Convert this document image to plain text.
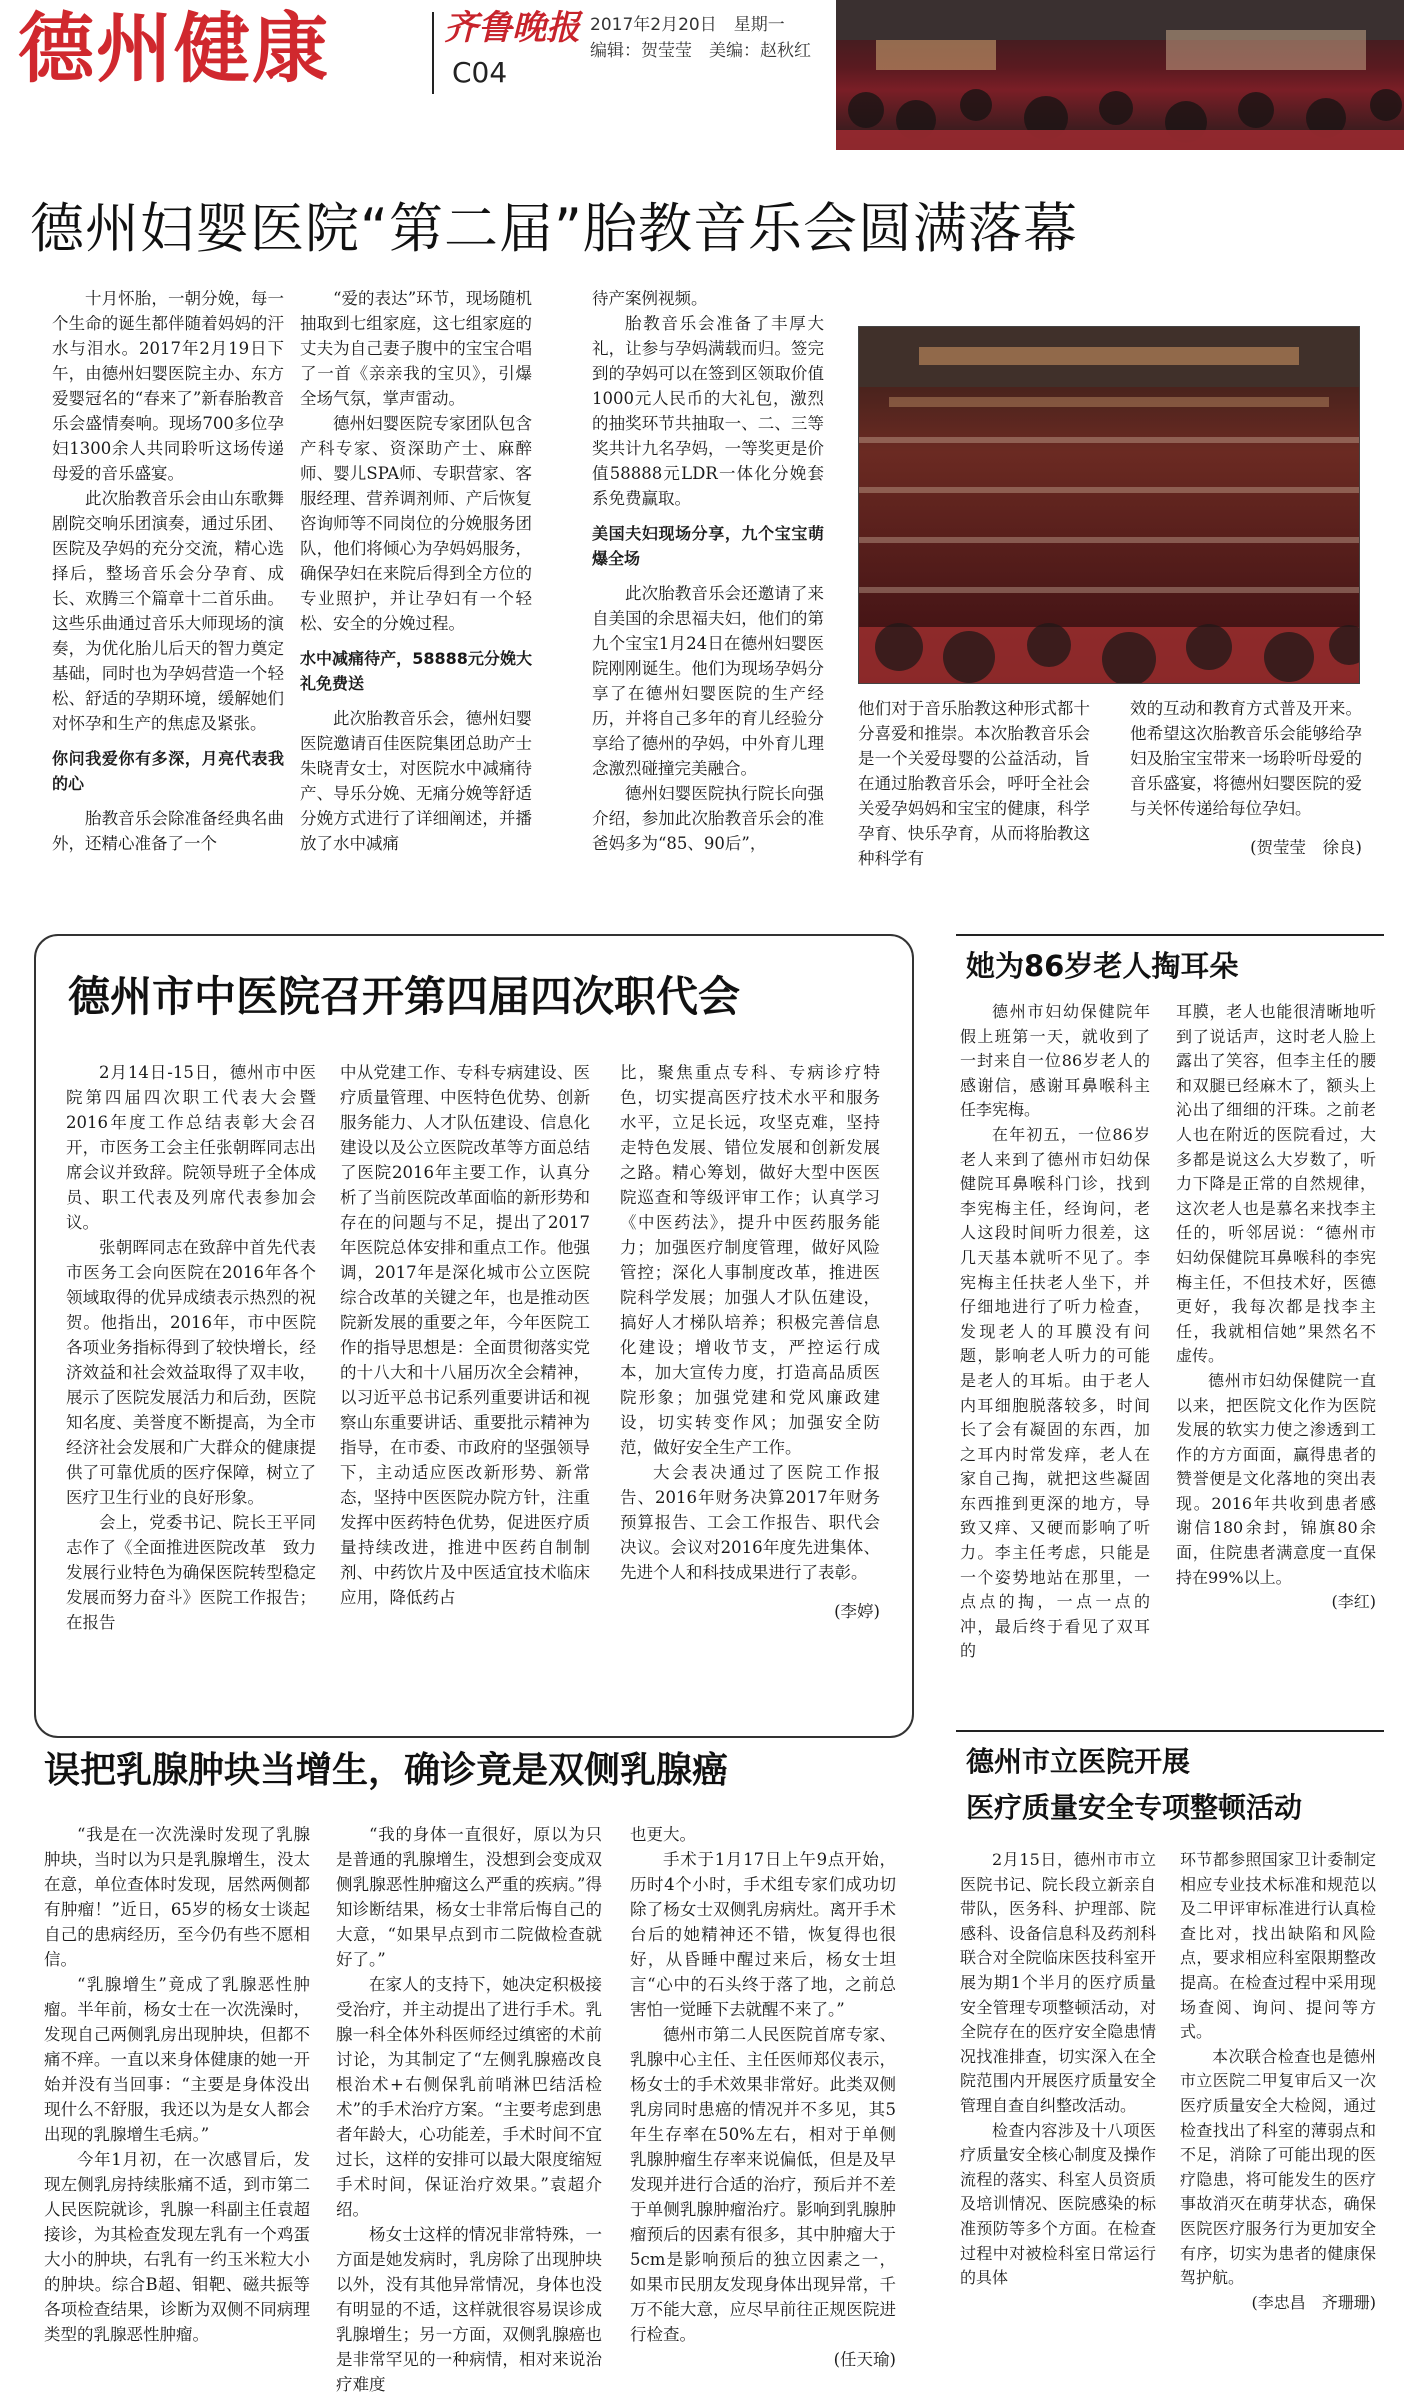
德州健康	齐鲁晚报
C04
2017年2月20日　星期一
编辑：贺莹莹　美编：赵秋红
德州妇婴医院“第二届”胎教音乐会圆满落幕

十月怀胎，一朝分娩，每一个生命的诞生都伴随着妈妈的汗水与泪水。2017年2月19日下午，由德州妇婴医院主办、东方爱婴冠名的“春来了”新春胎教音乐会盛情奏响。现场700多位孕妇1300余人共同聆听这场传递母爱的音乐盛宴。

此次胎教音乐会由山东歌舞剧院交响乐团演奏，通过乐团、医院及孕妈的充分交流，精心选择后，整场音乐会分孕育、成长、欢腾三个篇章十二首乐曲。这些乐曲通过音乐大师现场的演奏，为优化胎儿后天的智力奠定基础，同时也为孕妈营造一个轻松、舒适的孕期环境，缓解她们对怀孕和生产的焦虑及紧张。

你问我爱你有多深，月亮代表我的心

胎教音乐会除准备经典名曲外，还精心准备了一个

“爱的表达”环节，现场随机抽取到七组家庭，这七组家庭的丈夫为自己妻子腹中的宝宝合唱了一首《亲亲我的宝贝》，引爆全场气氛，掌声雷动。

德州妇婴医院专家团队包含产科专家、资深助产士、麻醉师、婴儿SPA师、专职营家、客服经理、营养调剂师、产后恢复咨询师等不同岗位的分娩服务团队，他们将倾心为孕妈妈服务，确保孕妇在来院后得到全方位的专业照护，并让孕妇有一个轻松、安全的分娩过程。

水中减痛待产，58888元分娩大礼免费送

此次胎教音乐会，德州妇婴医院邀请百佳医院集团总助产士朱晓青女士，对医院水中减痛待产、导乐分娩、无痛分娩等舒适分娩方式进行了详细阐述，并播放了水中减痛

待产案例视频。

胎教音乐会准备了丰厚大礼，让参与孕妈满载而归。签完到的孕妈可以在签到区领取价值1000元人民币的大礼包，激烈的抽奖环节共抽取一、二、三等奖共计九名孕妈，一等奖更是价值58888元LDR一体化分娩套系免费赢取。

美国夫妇现场分享，九个宝宝萌爆全场

此次胎教音乐会还邀请了来自美国的余思福夫妇，他们的第九个宝宝1月24日在德州妇婴医院刚刚诞生。他们为现场孕妈分享了在德州妇婴医院的生产经历，并将自己多年的育儿经验分享给了德州的孕妈，中外育儿理念激烈碰撞完美融合。

德州妇婴医院执行院长向强介绍，参加此次胎教音乐会的准爸妈多为“85、90后”，

他们对于音乐胎教这种形式都十分喜爱和推崇。本次胎教音乐会是一个关爱母婴的公益活动，旨在通过胎教音乐会，呼吁全社会关爱孕妈妈和宝宝的健康，科学孕育、快乐孕育，从而将胎教这种科学有

效的互动和教育方式普及开来。他希望这次胎教音乐会能够给孕妇及胎宝宝带来一场聆听母爱的音乐盛宴，将德州妇婴医院的爱与关怀传递给每位孕妇。

(贺莹莹　徐良)

德州市中医院召开第四届四次职代会

2月14日-15日，德州市中医院第四届四次职工代表大会暨2016年度工作总结表彰大会召开，市医务工会主任张朝晖同志出席会议并致辞。院领导班子全体成员、职工代表及列席代表参加会议。

张朝晖同志在致辞中首先代表市医务工会向医院在2016年各个领域取得的优异成绩表示热烈的祝贺。他指出，2016年，市中医院各项业务指标得到了较快增长，经济效益和社会效益取得了双丰收，展示了医院发展活力和后劲，医院知名度、美誉度不断提高，为全市经济社会发展和广大群众的健康提供了可靠优质的医疗保障，树立了医疗卫生行业的良好形象。

会上，党委书记、院长王平同志作了《全面推进医院改革　致力发展行业特色为确保医院转型稳定发展而努力奋斗》医院工作报告；在报告

中从党建工作、专科专病建设、医疗质量管理、中医特色优势、创新服务能力、人才队伍建设、信息化建设以及公立医院改革等方面总结了医院2016年主要工作，认真分析了当前医院改革面临的新形势和存在的问题与不足，提出了2017年医院总体安排和重点工作。他强调，2017年是深化城市公立医院综合改革的关键之年，也是推动医院新发展的重要之年，今年医院工作的指导思想是：全面贯彻落实党的十八大和十八届历次全会精神，以习近平总书记系列重要讲话和视察山东重要讲话、重要批示精神为指导，在市委、市政府的坚强领导下，主动适应医改新形势、新常态，坚持中医医院办院方针，注重发挥中医药特色优势，促进医疗质量持续改进，推进中医药自制制剂、中药饮片及中医适宜技术临床应用，降低药占

比，聚焦重点专科、专病诊疗特色，切实提高医疗技术水平和服务水平，立足长远，攻坚克难，坚持走特色发展、错位发展和创新发展之路。精心筹划，做好大型中医医院巡查和等级评审工作；认真学习《中医药法》，提升中医药服务能力；加强医疗制度管理，做好风险管控；深化人事制度改革，推进医院科学发展；加强人才队伍建设，搞好人才梯队培养；积极完善信息化建设；增收节支，严控运行成本，加大宣传力度，打造高品质医院形象；加强党建和党风廉政建设，切实转变作风；加强安全防范，做好安全生产工作。

大会表决通过了医院工作报告、2016年财务决算2017年财务预算报告、工会工作报告、职代会决议。会议对2016年度先进集体、先进个人和科技成果进行了表彰。

(李婷)

她为86岁老人掏耳朵

德州市妇幼保健院年假上班第一天，就收到了一封来自一位86岁老人的感谢信，感谢耳鼻喉科主任李宪梅。

在年初五，一位86岁老人来到了德州市妇幼保健院耳鼻喉科门诊，找到李宪梅主任，经询问，老人这段时间听力很差，这几天基本就听不见了。李宪梅主任扶老人坐下，并仔细地进行了听力检查，发现老人的耳膜没有问题，影响老人听力的可能是老人的耳垢。由于老人内耳细胞脱落较多，时间长了会有凝固的东西，加之耳内时常发痒，老人在家自己掏，就把这些凝固东西推到更深的地方，导致又痒、又硬而影响了听力。李主任考虑，只能是一个姿势地站在那里，一点点的掏，一点一点的冲，最后终于看见了双耳的

耳膜，老人也能很清晰地听到了说话声，这时老人脸上露出了笑容，但李主任的腰和双腿已经麻木了，额头上沁出了细细的汗珠。之前老人也在附近的医院看过，大多都是说这么大岁数了，听力下降是正常的自然规律，这次老人也是慕名来找李主任的，听邻居说：“德州市妇幼保健院耳鼻喉科的李宪梅主任，不但技术好，医德更好，我每次都是找李主任，我就相信她”果然名不虚传。

德州市妇幼保健院一直以来，把医院文化作为医院发展的软实力使之渗透到工作的方方面面，赢得患者的赞誉便是文化落地的突出表现。2016年共收到患者感谢信180余封，锦旗80余面，住院患者满意度一直保持在99%以上。

(李红)

误把乳腺肿块当增生，确诊竟是双侧乳腺癌

“我是在一次洗澡时发现了乳腺肿块，当时以为只是乳腺增生，没太在意，单位查体时发现，居然两侧都有肿瘤！”近日，65岁的杨女士谈起自己的患病经历，至今仍有些不愿相信。

“乳腺增生”竟成了乳腺恶性肿瘤。半年前，杨女士在一次洗澡时，发现自己两侧乳房出现肿块，但都不痛不痒。一直以来身体健康的她一开始并没有当回事：“主要是身体没出现什么不舒服，我还以为是女人都会出现的乳腺增生毛病。”

今年1月初，在一次感冒后，发现左侧乳房持续胀痛不适，到市第二人民医院就诊，乳腺一科副主任袁超接诊，为其检查发现左乳有一个鸡蛋大小的肿块，右乳有一约玉米粒大小的肿块。综合B超、钼靶、磁共振等各项检查结果，诊断为双侧不同病理类型的乳腺恶性肿瘤。

“我的身体一直很好，原以为只是普通的乳腺增生，没想到会变成双侧乳腺恶性肿瘤这么严重的疾病。”得知诊断结果，杨女士非常后悔自己的大意，“如果早点到市二院做检查就好了。”

在家人的支持下，她决定积极接受治疗，并主动提出了进行手术。乳腺一科全体外科医师经过缜密的术前讨论，为其制定了“左侧乳腺癌改良根治术+右侧保乳前哨淋巴结活检术”的手术治疗方案。“主要考虑到患者年龄大，心功能差，手术时间不宜过长，这样的安排可以最大限度缩短手术时间，保证治疗效果。”袁超介绍。

杨女士这样的情况非常特殊，一方面是她发病时，乳房除了出现肿块以外，没有其他异常情况，身体也没有明显的不适，这样就很容易误诊成乳腺增生；另一方面，双侧乳腺癌也是非常罕见的一种病情，相对来说治疗难度

也更大。

手术于1月17日上午9点开始，历时4个小时，手术组专家们成功切除了杨女士双侧乳房病灶。离开手术台后的她精神还不错，恢复得也很好，从昏睡中醒过来后，杨女士坦言“心中的石头终于落了地，之前总害怕一觉睡下去就醒不来了。”

德州市第二人民医院首席专家、乳腺中心主任、主任医师郑仪表示，杨女士的手术效果非常好。此类双侧乳房同时患癌的情况并不多见，其5年生存率在50%左右，相对于单侧乳腺肿瘤生存率来说偏低，但是及早发现并进行合适的治疗，预后并不差于单侧乳腺肿瘤治疗。影响到乳腺肿瘤预后的因素有很多，其中肿瘤大于5cm是影响预后的独立因素之一，如果市民朋友发现身体出现异常，千万不能大意，应尽早前往正规医院进行检查。

(任天瑜)

德州市立医院开展
医疗质量安全专项整顿活动

2月15日，德州市市立医院书记、院长段立新亲自带队，医务科、护理部、院感科、设备信息科及药剂科联合对全院临床医技科室开展为期1个半月的医疗质量安全管理专项整顿活动，对全院存在的医疗安全隐患情况找准排查，切实深入在全院范围内开展医疗质量安全管理自查自纠整改活动。

检查内容涉及十八项医疗质量安全核心制度及操作流程的落实、科室人员资质及培训情况、医院感染的标准预防等多个方面。在检查过程中对被检科室日常运行的具体

环节都参照国家卫计委制定相应专业技术标准和规范以及二甲评审标准进行认真检查比对，找出缺陷和风险点，要求相应科室限期整改提高。在检查过程中采用现场查阅、询问、提问等方式。

本次联合检查也是德州市立医院二甲复审后又一次医疗质量安全大检阅，通过检查找出了科室的薄弱点和不足，消除了可能出现的医疗隐患，将可能发生的医疗事故消灭在萌芽状态，确保医院医疗服务行为更加安全有序，切实为患者的健康保驾护航。

(李忠昌　齐珊珊)
